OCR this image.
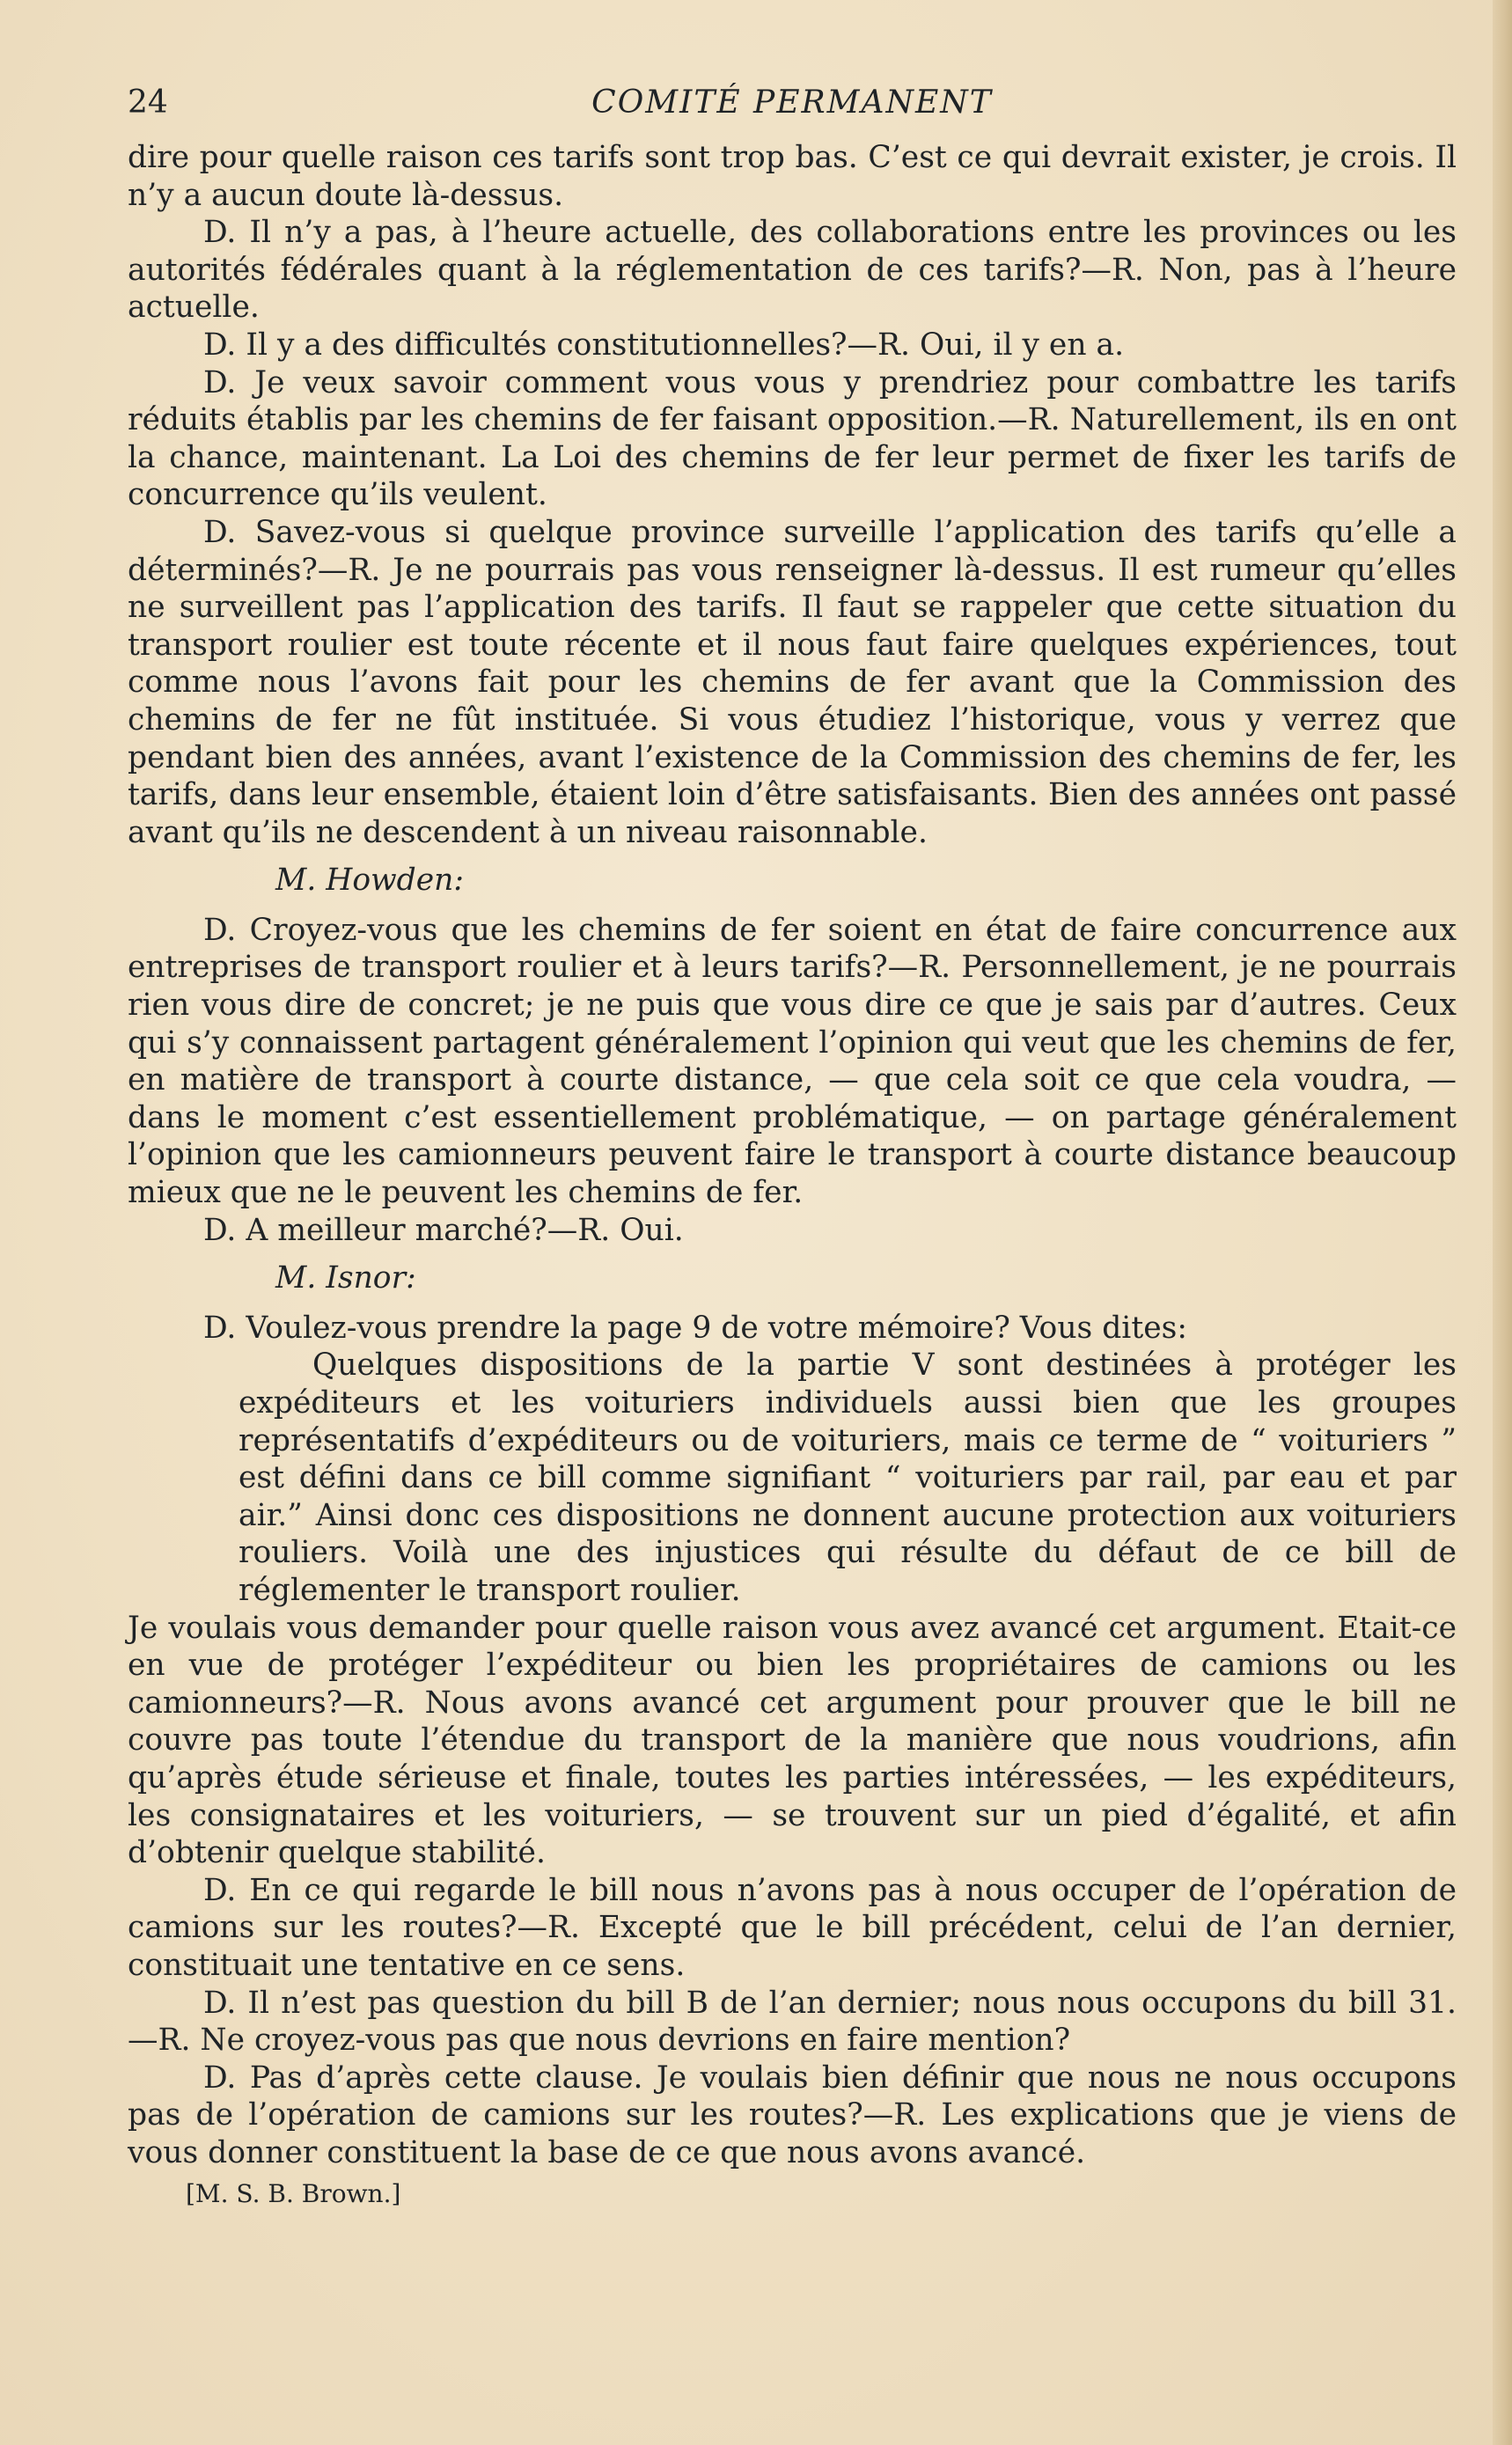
24	COMITÉ PERMANENT

dire pour quelle raison ces tarifs sont trop bas. C’est ce qui devrait exister, je crois. Il n’y a aucun doute là-dessus.

D. Il n’y a pas, à l’heure actuelle, des collaborations entre les provinces ou les autorités fédérales quant à la réglementation de ces tarifs?—R. Non, pas à l’heure actuelle.

D. Il y a des difficultés constitutionnelles?—R. Oui, il y en a.

D. Je veux savoir comment vous vous y prendriez pour combattre les tarifs réduits établis par les chemins de fer faisant opposition.—R. Naturellement, ils en ont la chance, maintenant. La Loi des chemins de fer leur permet de fixer les tarifs de concurrence qu’ils veulent.

D. Savez-vous si quelque province surveille l’application des tarifs qu’elle a déterminés?—R. Je ne pourrais pas vous renseigner là-dessus. Il est rumeur qu’elles ne surveillent pas l’application des tarifs. Il faut se rappeler que cette situation du transport roulier est toute récente et il nous faut faire quelques expériences, tout comme nous l’avons fait pour les chemins de fer avant que la Commission des chemins de fer ne fût instituée. Si vous étudiez l’historique, vous y verrez que pendant bien des années, avant l’existence de la Commission des chemins de fer, les tarifs, dans leur ensemble, étaient loin d’être satisfaisants. Bien des années ont passé avant qu’ils ne descendent à un niveau raisonnable.

M. Howden:

D. Croyez-vous que les chemins de fer soient en état de faire concurrence aux entreprises de transport roulier et à leurs tarifs?—R. Personnellement, je ne pourrais rien vous dire de concret; je ne puis que vous dire ce que je sais par d’autres. Ceux qui s’y connaissent partagent généralement l’opinion qui veut que les chemins de fer, en matière de transport à courte distance, — que cela soit ce que cela voudra, — dans le moment c’est essentiellement problématique, — on partage généralement l’opinion que les camionneurs peuvent faire le transport à courte distance beaucoup mieux que ne le peuvent les chemins de fer.

D. A meilleur marché?—R. Oui.

M. Isnor:

D. Voulez-vous prendre la page 9 de votre mémoire? Vous dites:

Quelques dispositions de la partie V sont destinées à protéger les expéditeurs et les voituriers individuels aussi bien que les groupes représentatifs d’expéditeurs ou de voituriers, mais ce terme de “ voituriers ” est défini dans ce bill comme signifiant “ voituriers par rail, par eau et par air.” Ainsi donc ces dispositions ne donnent aucune protection aux voituriers rouliers. Voilà une des injustices qui résulte du défaut de ce bill de réglementer le transport roulier.

Je voulais vous demander pour quelle raison vous avez avancé cet argument. Etait-ce en vue de protéger l’expéditeur ou bien les propriétaires de camions ou les camionneurs?—R. Nous avons avancé cet argument pour prouver que le bill ne couvre pas toute l’étendue du transport de la manière que nous voudrions, afin qu’après étude sérieuse et finale, toutes les parties intéressées, — les expéditeurs, les consignataires et les voituriers, — se trouvent sur un pied d’égalité, et afin d’obtenir quelque stabilité.

D. En ce qui regarde le bill nous n’avons pas à nous occuper de l’opération de camions sur les routes?—R. Excepté que le bill précédent, celui de l’an dernier, constituait une tentative en ce sens.

D. Il n’est pas question du bill B de l’an dernier; nous nous occupons du bill 31.—R. Ne croyez-vous pas que nous devrions en faire mention?

D. Pas d’après cette clause. Je voulais bien définir que nous ne nous occupons pas de l’opération de camions sur les routes?—R. Les explications que je viens de vous donner constituent la base de ce que nous avons avancé.

[M. S. B. Brown.]
